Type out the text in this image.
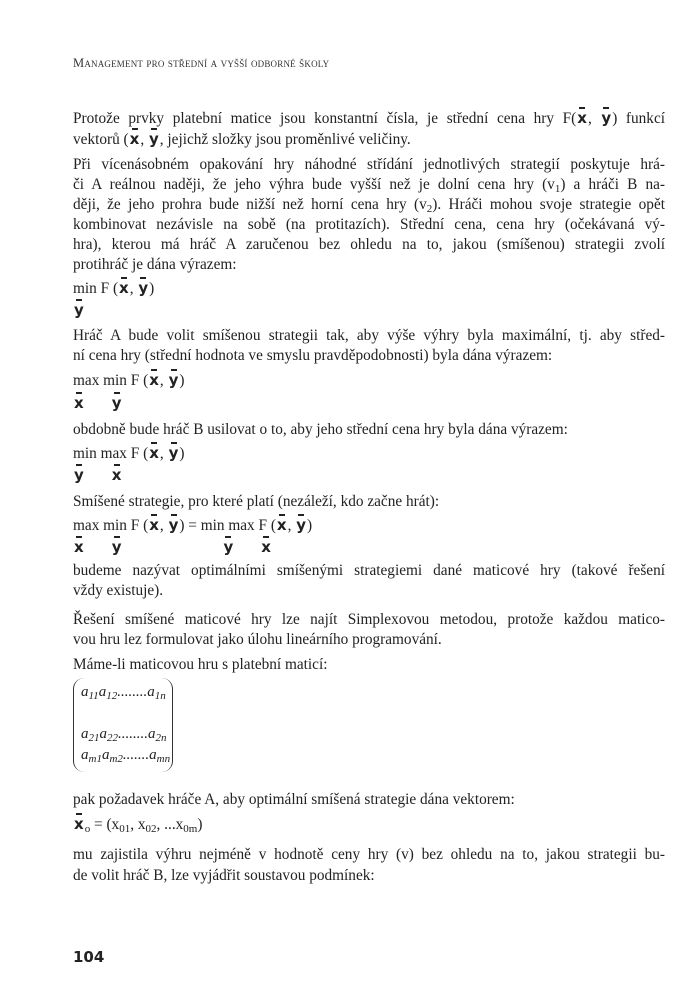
Management pro střední a vyšší odborné školy
Protože prvky platební matice jsou konstantní čísla, je střední cena hry F(x, y) funkcí
vektorů (x, y, jejichž složky jsou proměnlivé veličiny.
Při vícenásobném opakování hry náhodné střídání jednotlivých strategií poskytuje hrá-
či A reálnou naději, že jeho výhra bude vyšší než je dolní cena hry $(v_1)$ a hráči B na-
ději, že jeho prohra bude nižší než horní cena hry $(v_2)$. Hráči mohou svoje strategie opět
kombinovat nezávisle na sobě (na protitazích). Střední cena, cena hry (očekávaná vý-
hra), kterou má hráč A zaručenou bez ohledu na to, jakou (smíšenou) strategii zvolí
protihráč je dána výrazem:
min F (x, y)
y
Hráč A bude volit smíšenou strategii tak, aby výše výhry byla maximální, tj. aby střed-
ní cena hry (střední hodnota ve smyslu pravděpodobnosti) byla dána výrazem:
max min F (x, y)
x y
obdobně bude hráč B usilovat o to, aby jeho střední cena hry byla dána výrazem:
min max F (x, y)
y x
Smíšené strategie, pro které platí (nezáleží, kdo začne hrát):
max min F (x, y) = min max F (x, y)
x y	y x
budeme nazývat optimálními smíšenými strategiemi dané maticové hry (takové řešení
vždy existuje).
Řešení smíšené maticové hry lze najít Simplexovou metodou, protože každou matico-
vou hru lez formulovat jako úlohu lineárního programování.
Máme-li maticovou hru s platební maticí:
$a_{11}a_{12}........a_{1n}$
$a_{21}a_{22}........a_{2n}$
$a_{m1}a_{m2}.......a_{mn}$
pak požadavek hráče A, aby optimální smíšená strategie dána vektorem:
$x_o = (x_{01}$, $x_{02}$, $...x_{0m}$)
mu zajistila výhru nejméně v hodnotě ceny hry (v) bez ohledu na to, jakou strategii bu-
de volit hráč B, lze vyjádřit soustavou podmínek:
104
